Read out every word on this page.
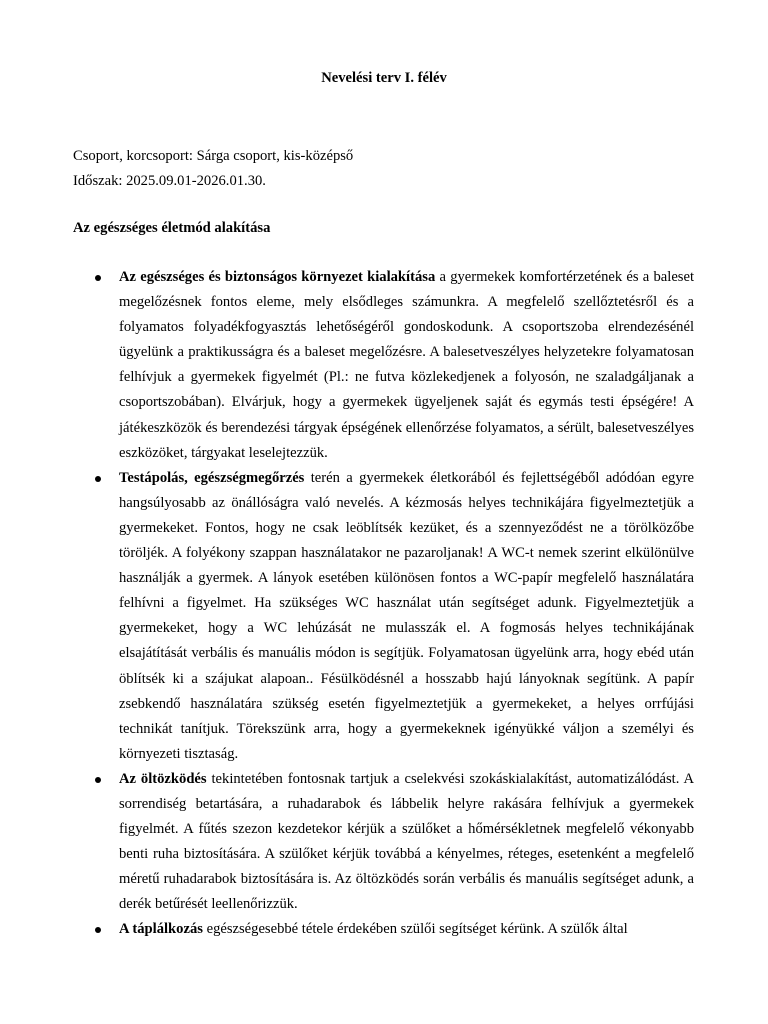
Nevelési terv I. félév
Csoport, korcsoport: Sárga csoport, kis-középső
Időszak: 2025.09.01-2026.01.30.
Az egészséges életmód alakítása
Az egészséges és biztonságos környezet kialakítása a gyermekek komfortérzetének és a baleset megelőzésnek fontos eleme, mely elsődleges számunkra. A megfelelő szellőztetésről és a folyamatos folyadékfogyasztás lehetőségéről gondoskodunk. A csoportszoba elrendezésénél ügyelünk a praktikusságra és a baleset megelőzésre. A balesetveszélyes helyzetekre folyamatosan felhívjuk a gyermekek figyelmét (Pl.: ne futva közlekedjenek a folyosón, ne szaladgáljanak a csoportszobában). Elvárjuk, hogy a gyermekek ügyeljenek saját és egymás testi épségére! A játékeszközök és berendezési tárgyak épségének ellenőrzése folyamatos, a sérült, balesetveszélyes eszközöket, tárgyakat leselejtezzük.
Testápolás, egészségmegőrzés terén a gyermekek életkorából és fejlettségéből adódóan egyre hangsúlyosabb az önállóságra való nevelés. A kézmosás helyes technikájára figyelmeztetjük a gyermekeket. Fontos, hogy ne csak leöblítsék kezüket, és a szennyeződést ne a törölközőbe töröljék. A folyékony szappan használatakor ne pazaroljanak! A WC-t nemek szerint elkülönülve használják a gyermek. A lányok esetében különösen fontos a WC-papír megfelelő használatára felhívni a figyelmet. Ha szükséges WC használat után segítséget adunk. Figyelmeztetjük a gyermekeket, hogy a WC lehúzását ne mulasszák el. A fogmosás helyes technikájának elsajátítását verbális és manuális módon is segítjük. Folyamatosan ügyelünk arra, hogy ebéd után öblítsék ki a szájukat alapoan.. Fésülködésnél a hosszabb hajú lányoknak segítünk. A papír zsebkendő használatára szükség esetén figyelmeztetjük a gyermekeket, a helyes orrfújási technikát tanítjuk. Törekszünk arra, hogy a gyermekeknek igényükké váljon a személyi és környezeti tisztaság.
Az öltözködés tekintetében fontosnak tartjuk a cselekvési szokáskialakítást, automatizálódást. A sorrendiség betartására, a ruhadarabok és lábbelik helyre rakására felhívjuk a gyermekek figyelmét. A fűtés szezon kezdetekor kérjük a szülőket a hőmérsékletnek megfelelő vékonyabb benti ruha biztosítására. A szülőket kérjük továbbá a kényelmes, réteges, esetenként a megfelelő méretű ruhadarabok biztosítására is. Az öltözködés során verbális és manuális segítséget adunk, a derék betűrését leellenőrizzük.
A táplálkozás egészségesebbé tétele érdekében szülői segítséget kérünk. A szülők által
